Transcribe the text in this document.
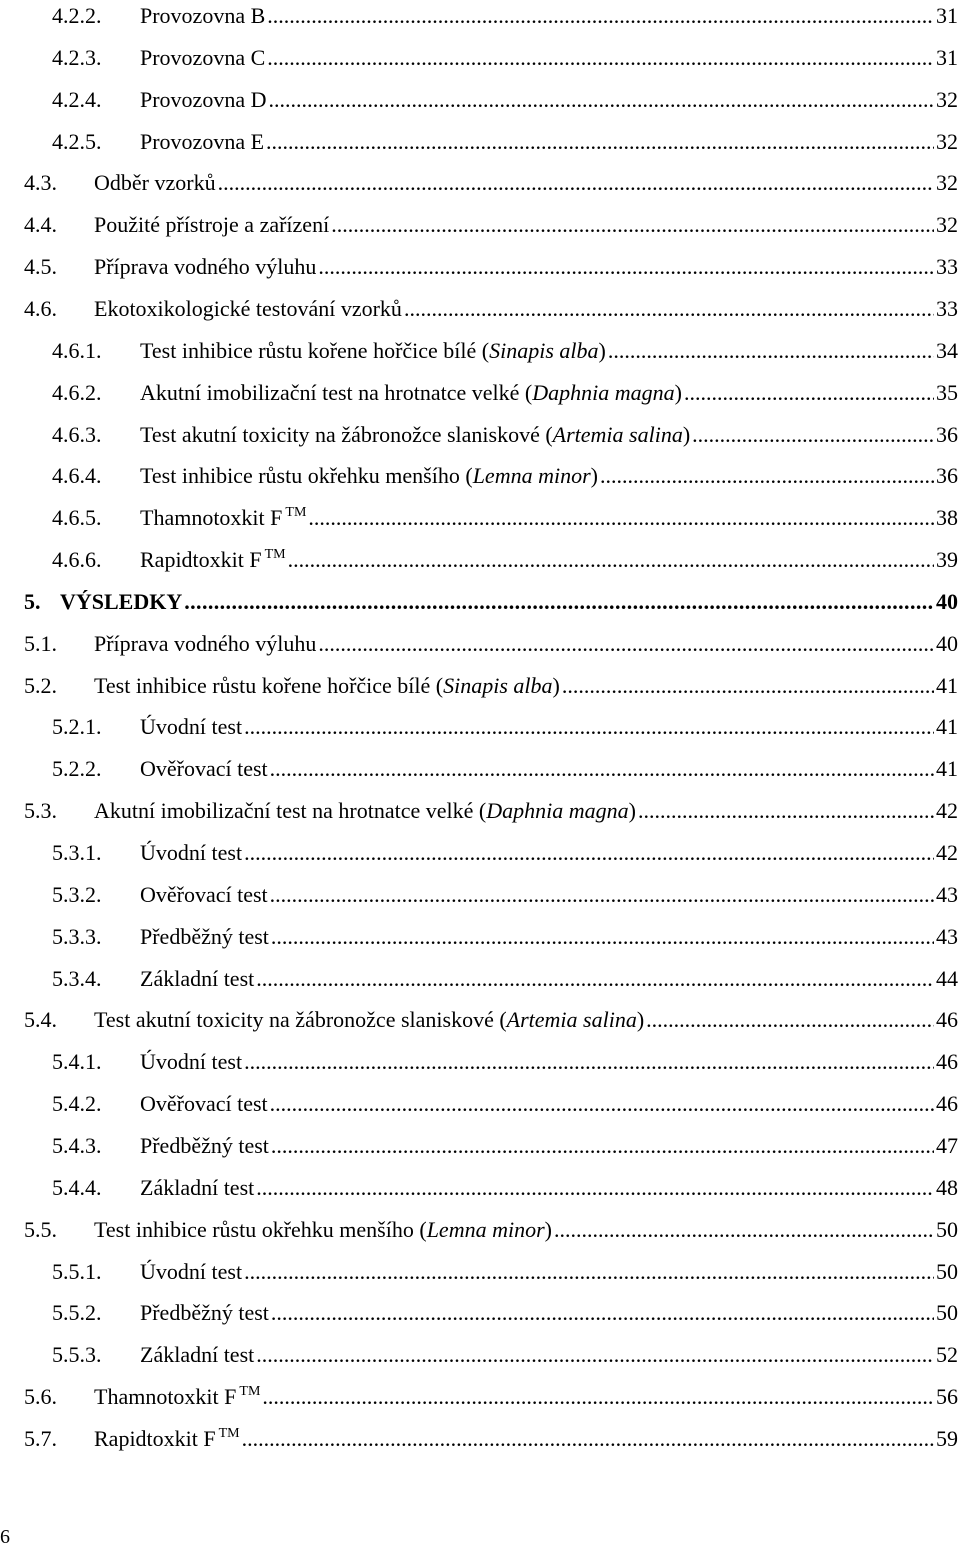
4.2.2. Provozovna B .....	31
4.2.3. Provozovna C .....	31
4.2.4. Provozovna D .....	32
4.2.5. Provozovna E .....	32
4.3. Odběr vzorků .....	32
4.4. Použité přístroje a zařízení .....	32
4.5. Příprava vodného výluhu .....	33
4.6. Ekotoxikologické testování vzorků .....	33
4.6.1. Test inhibice růstu kořene hořčice bílé (Sinapis alba) .....	34
4.6.2. Akutní imobilizační test na hrotnatce velké (Daphnia magna) .....	35
4.6.3. Test akutní toxicity na žábronožce slaniskové (Artemia salina) .....	36
4.6.4. Test inhibice růstu okřehku menšího (Lemna minor) .....	36
4.6.5. Thamnotoxkit F ™ .....	38
4.6.6. Rapidtoxkit F ™ .....	39
5. VÝSLEDKY .....	40
5.1. Příprava vodného výluhu .....	40
5.2. Test inhibice růstu kořene hořčice bílé (Sinapis alba) .....	41
5.2.1. Úvodní test .....	41
5.2.2. Ověřovací test .....	41
5.3. Akutní imobilizační test na hrotnatce velké (Daphnia magna) .....	42
5.3.1. Úvodní test .....	42
5.3.2. Ověřovací test .....	43
5.3.3. Předběžný test .....	43
5.3.4. Základní test .....	44
5.4. Test akutní toxicity na žábronožce slaniskové (Artemia salina) .....	46
5.4.1. Úvodní test .....	46
5.4.2. Ověřovací test .....	46
5.4.3. Předběžný test .....	47
5.4.4. Základní test .....	48
5.5. Test inhibice růstu okřehku menšího (Lemna minor) .....	50
5.5.1. Úvodní test .....	50
5.5.2. Předběžný test .....	50
5.5.3. Základní test .....	52
5.6. Thamnotoxkit F ™ .....	56
5.7. Rapidtoxkit F ™ .....	59
6
